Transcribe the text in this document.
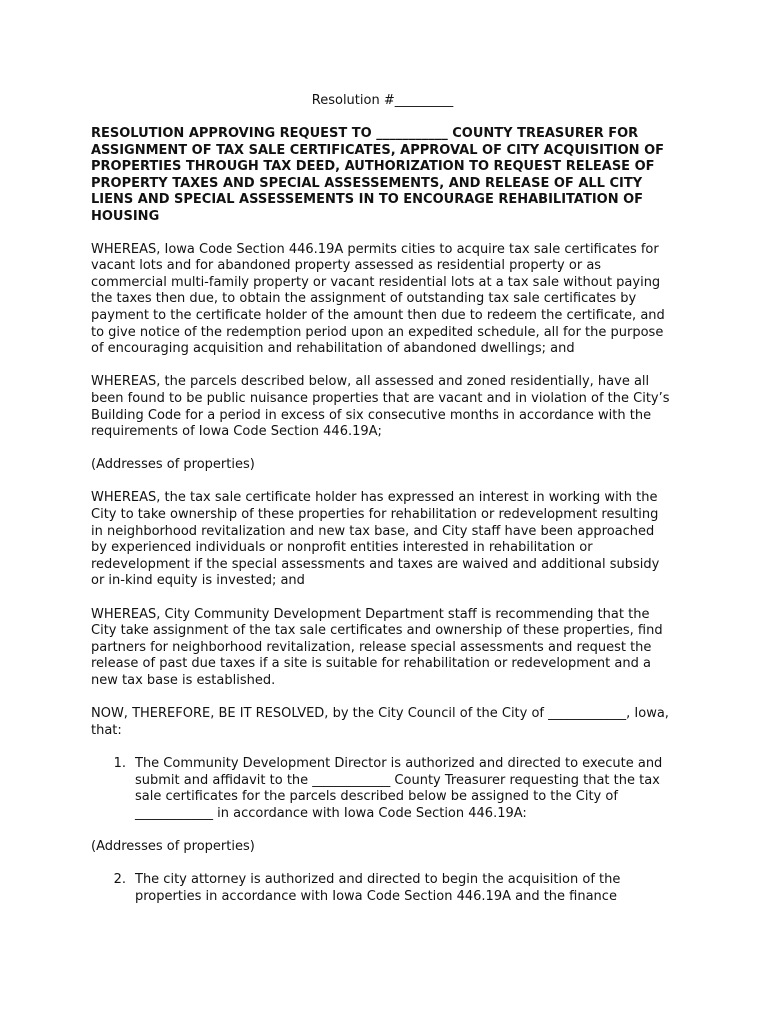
Resolution #_________

RESOLUTION APPROVING REQUEST TO ___________ COUNTY TREASURER FOR ASSIGNMENT OF TAX SALE CERTIFICATES, APPROVAL OF CITY ACQUISITION OF PROPERTIES THROUGH TAX DEED, AUTHORIZATION TO REQUEST RELEASE OF PROPERTY TAXES AND SPECIAL ASSESSEMENTS, AND RELEASE OF ALL CITY LIENS AND SPECIAL ASSESSEMENTS IN TO ENCOURAGE REHABILITATION OF HOUSING

WHEREAS, Iowa Code Section 446.19A permits cities to acquire tax sale certificates for vacant lots and for abandoned property assessed as residential property or as commercial multi-family property or vacant residential lots at a tax sale without paying the taxes then due, to obtain the assignment of outstanding tax sale certificates by payment to the certificate holder of the amount then due to redeem the certificate, and to give notice of the redemption period upon an expedited schedule, all for the purpose of encouraging acquisition and rehabilitation of abandoned dwellings; and

WHEREAS, the parcels described below, all assessed and zoned residentially, have all been found to be public nuisance properties that are vacant and in violation of the City’s Building Code for a period in excess of six consecutive months in accordance with the requirements of Iowa Code Section 446.19A;

(Addresses of properties)

WHEREAS, the tax sale certificate holder has expressed an interest in working with the City to take ownership of these properties for rehabilitation or redevelopment resulting in neighborhood revitalization and new tax base, and City staff have been approached by experienced individuals or nonprofit entities interested in rehabilitation or redevelopment if the special assessments and taxes are waived and additional subsidy or in-kind equity is invested; and

WHEREAS, City Community Development Department staff is recommending that the City take assignment of the tax sale certificates and ownership of these properties, find partners for neighborhood revitalization, release special assessments and request the release of past due taxes if a site is suitable for rehabilitation or redevelopment and a new tax base is established.

NOW, THEREFORE, BE IT RESOLVED, by the City Council of the City of ____________, Iowa, that:

1. The Community Development Director is authorized and directed to execute and submit and affidavit to the ____________ County Treasurer requesting that the tax sale certificates for the parcels described below be assigned to the City of ____________ in accordance with Iowa Code Section 446.19A:

(Addresses of properties)

2. The city attorney is authorized and directed to begin the acquisition of the properties in accordance with Iowa Code Section 446.19A and the finance
